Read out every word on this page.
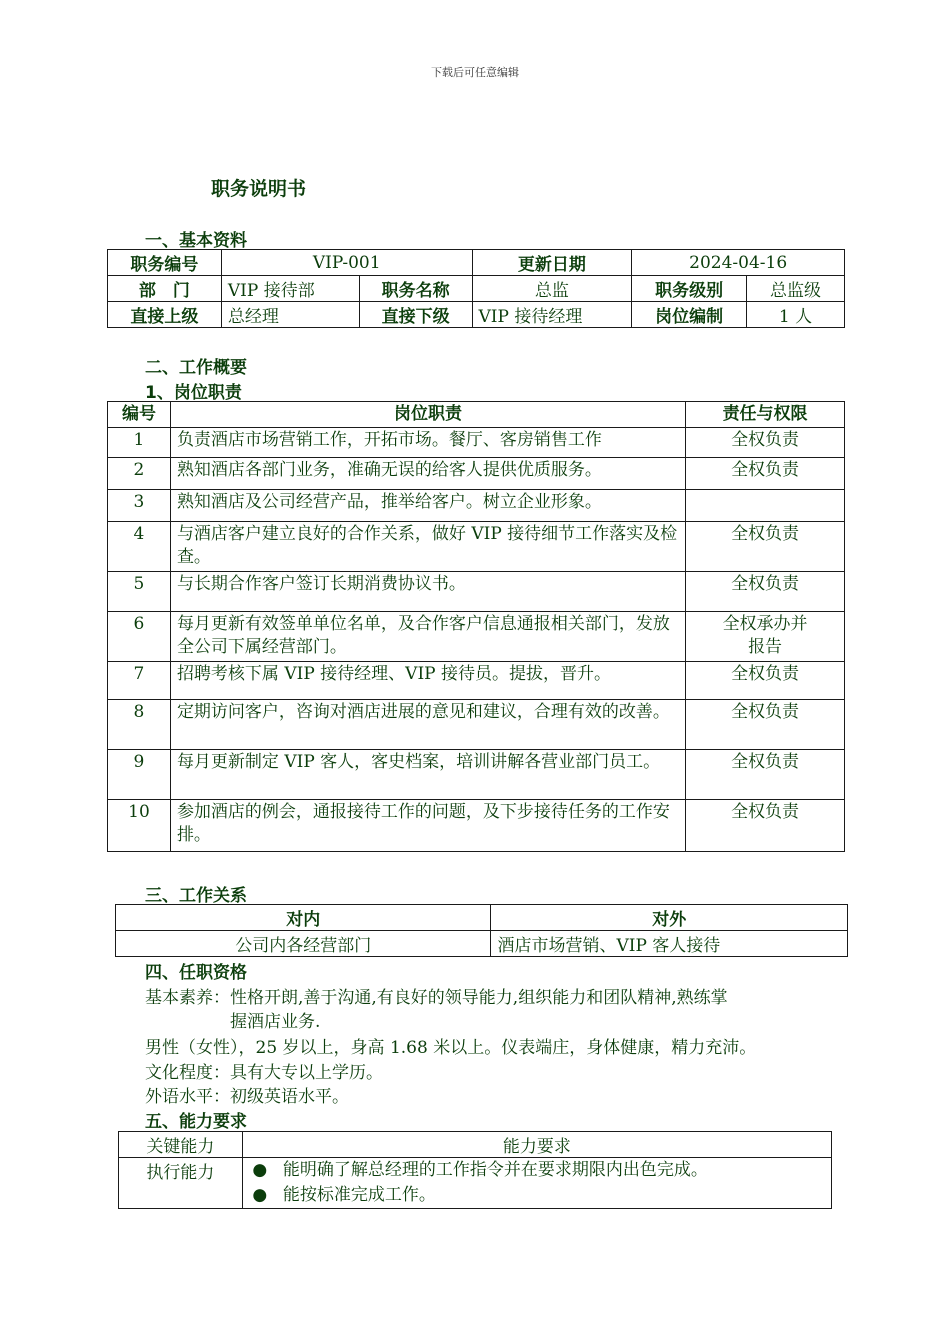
下载后可任意编辑
职务说明书
一、基本资料
职务编号	VIP-001		更新日期	2024-04-16	
部　门	VIP 接待部	职务名称	总监	职务级别	总监级
直接上级	总经理	直接下级	VIP 接待经理	岗位编制	1 人
二、工作概要
1、岗位职责
编号	岗位职责	责任与权限
1	负责酒店市场营销工作，开拓市场。餐厅、客房销售工作	全权负责
2	熟知酒店各部门业务，准确无误的给客人提供优质服务。	全权负责
3	熟知酒店及公司经营产品，推举给客户。树立企业形象。	
4	与酒店客户建立良好的合作关系，做好 VIP 接待细节工作落实及检查。	全权负责
5	与长期合作客户签订长期消费协议书。	全权负责
6	每月更新有效签单单位名单，及合作客户信息通报相关部门，发放全公司下属经营部门。	全权承办并报告
7	招聘考核下属 VIP 接待经理、VIP 接待员。提拔，晋升。	全权负责
8	定期访问客户，咨询对酒店进展的意见和建议，合理有效的改善。	全权负责
9	每月更新制定 VIP 客人，客史档案，培训讲解各营业部门员工。	全权负责
10	参加酒店的例会，通报接待工作的问题，及下步接待任务的工作安排。	全权负责
三、工作关系
对内	对外
公司内各经营部门	酒店市场营销、VIP 客人接待
四、任职资格
基本素养：性格开朗,善于沟通,有良好的领导能力,组织能力和团队精神,熟练掌
握酒店业务.
男性（女性），25 岁以上，身高 1.68 米以上。仪表端庄，身体健康，精力充沛。
文化程度：具有大专以上学历。
外语水平：初级英语水平。
五、能力要求
关键能力	能力要求
执行能力	● 能明确了解总经理的工作指令并在要求期限内出色完成。
● 能按标准完成工作。
